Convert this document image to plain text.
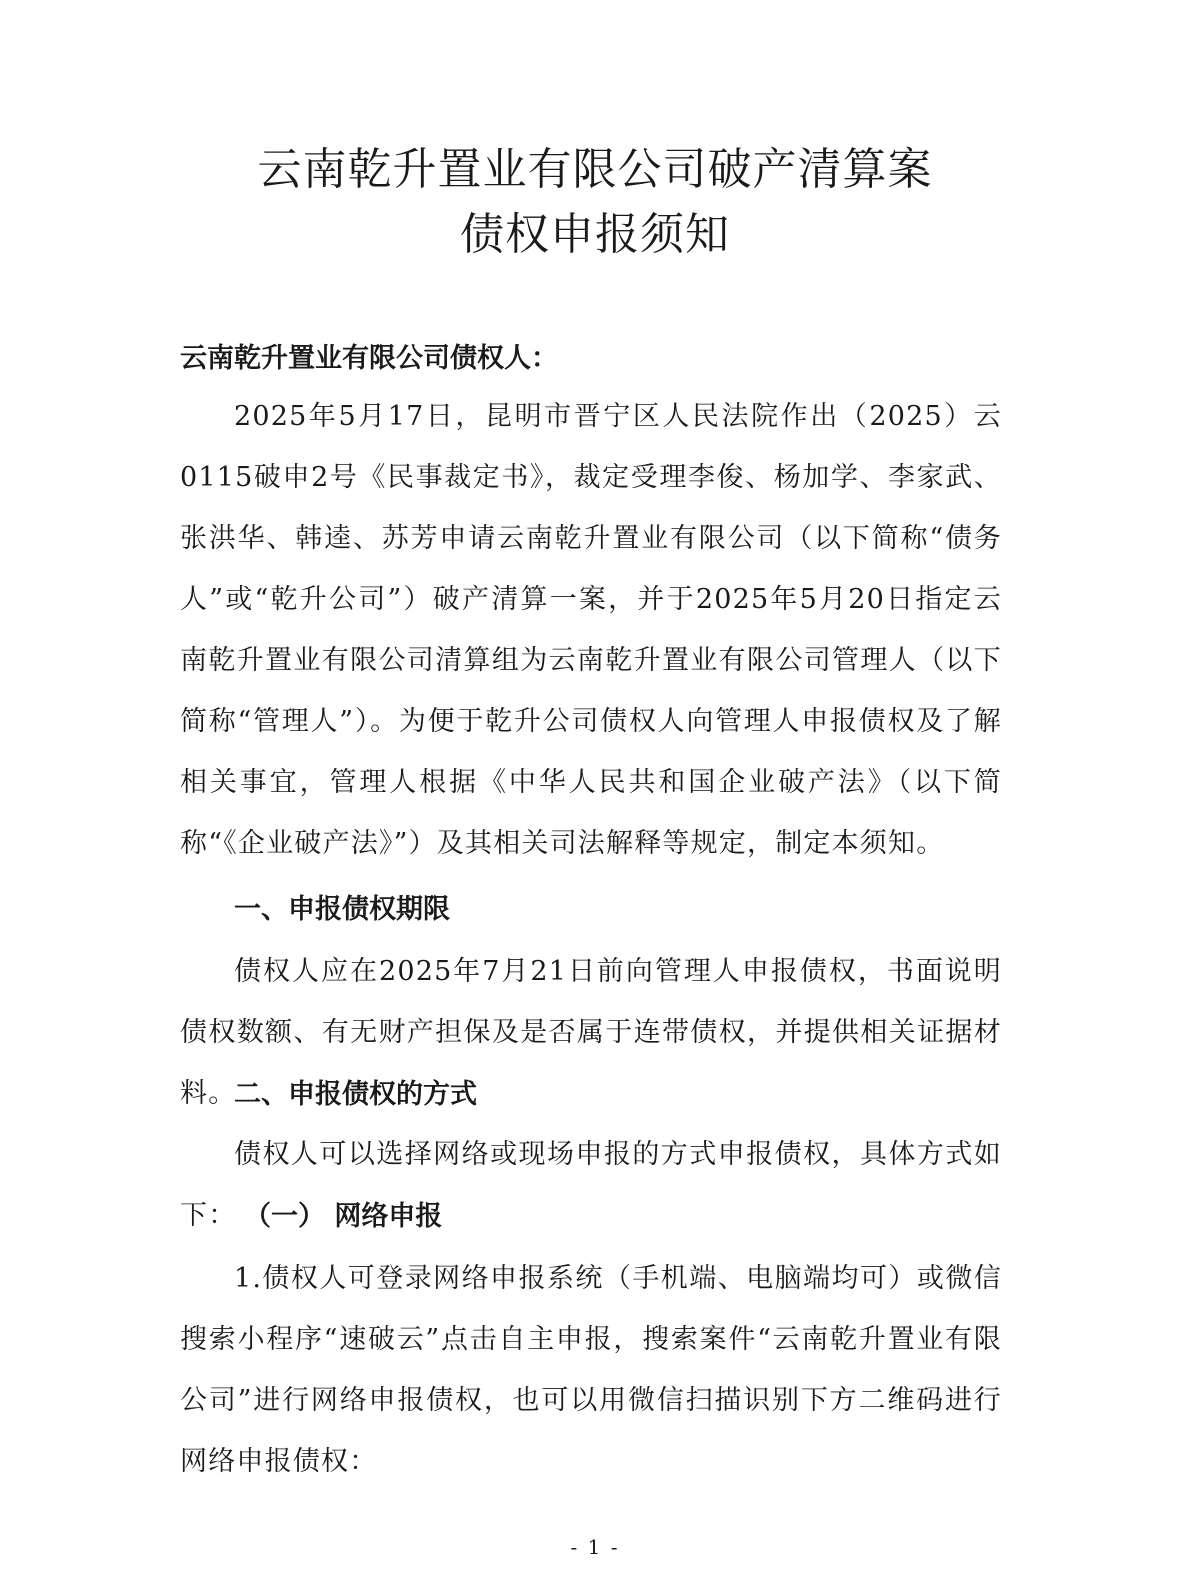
云南乾升置业有限公司破产清算案
债权申报须知
云南乾升置业有限公司债权人：

2025年5月17日，昆明市晋宁区人民法院作出（2025）云0115破申2号《民事裁定书》，裁定受理李俊、杨加学、李家武、张洪华、韩逵、苏芳申请云南乾升置业有限公司（以下简称“债务人”或“乾升公司”）破产清算一案，并于2025年5月20日指定云南乾升置业有限公司清算组为云南乾升置业有限公司管理人（以下简称“管理人”）。为便于乾升公司债权人向管理人申报债权及了解相关事宜，管理人根据《中华人民共和国企业破产法》（以下简称“《企业破产法》”）及其相关司法解释等规定，制定本须知。

一、申报债权期限

债权人应在2025年7月21日前向管理人申报债权，书面说明债权数额、有无财产担保及是否属于连带债权，并提供相关证据材料。

二、申报债权的方式

债权人可以选择网络或现场申报的方式申报债权，具体方式如下： （一） 网络申报

1.债权人可登录网络申报系统（手机端、电脑端均可）或微信搜索小程序“速破云”点击自主申报，搜索案件“云南乾升置业有限公司”进行网络申报债权，也可以用微信扫描识别下方二维码进行网络申报债权：

- 1 -
